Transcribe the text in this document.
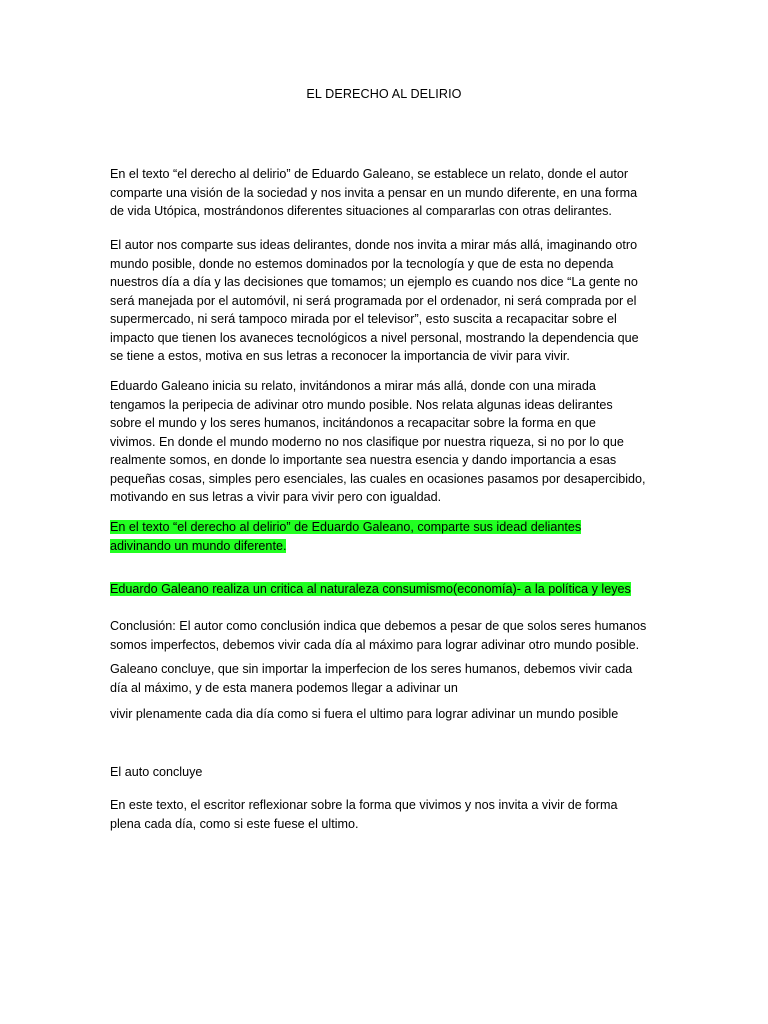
EL DERECHO AL DELIRIO

En el texto “el derecho al delirio” de Eduardo Galeano, se establece un relato, donde el autor
comparte una visión de la sociedad y nos invita a pensar en un mundo diferente, en una forma
de vida Utópica, mostrándonos diferentes situaciones al compararlas con otras delirantes.

El autor nos comparte sus ideas delirantes, donde nos invita a mirar más allá, imaginando otro
mundo posible, donde no estemos dominados por la tecnología y que de esta no dependa
nuestros día a día y las decisiones que tomamos; un ejemplo es cuando nos dice “La gente no
será manejada por el automóvil, ni será programada por el ordenador, ni será comprada por el
supermercado, ni será tampoco mirada por el televisor”, esto suscita a recapacitar sobre el
impacto que tienen los avaneces tecnológicos a nivel personal, mostrando la dependencia que
se tiene a estos, motiva en sus letras a reconocer la importancia de vivir para vivir.

Eduardo Galeano inicia su relato, invitándonos a mirar más allá, donde con una mirada
tengamos la peripecia de adivinar otro mundo posible. Nos relata algunas ideas delirantes
sobre el mundo y los seres humanos, incitándonos a recapacitar sobre la forma en que
vivimos. En donde el mundo moderno no nos clasifique por nuestra riqueza, si no por lo que
realmente somos, en donde lo importante sea nuestra esencia y dando importancia a esas
pequeñas cosas, simples pero esenciales, las cuales en ocasiones pasamos por desapercibido,
motivando en sus letras a vivir para vivir pero con igualdad.

En el texto “el derecho al delirio” de Eduardo Galeano, comparte sus idead deliantes
adivinando un mundo diferente.

Eduardo Galeano realiza un critica al naturaleza consumismo(economía)- a la política y leyes

Conclusión: El autor como conclusión indica que debemos a pesar de que solos seres humanos
somos imperfectos, debemos vivir cada día al máximo para lograr adivinar otro mundo posible.

Galeano concluye, que sin importar la imperfecion de los seres humanos, debemos vivir cada
día al máximo, y de esta manera podemos llegar a adivinar un

vivir plenamente cada dia día como si fuera el ultimo para lograr adivinar un mundo posible

El auto concluye

En este texto, el escritor reflexionar sobre la forma que vivimos y nos invita a vivir de forma
plena cada día, como si este fuese el ultimo.
